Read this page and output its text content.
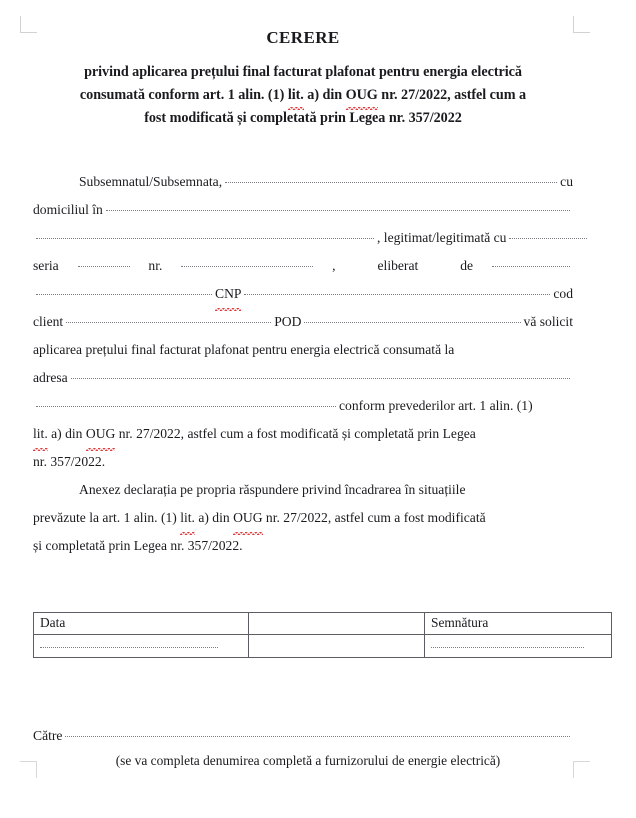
CERERE
privind aplicarea prețului final facturat plafonat pentru energia electrică
consumată conform art. 1 alin. (1) lit. a) din OUG nr. 27/2022, astfel cum a
fost modificată și completată prin Legea nr. 357/2022
Subsemnatul/Subsemnata,	cu
domiciliul în
, legitimat/legitimată cu
seria	nr.	,
	eliberat
	de
CNP	cod
client	POD	vă solicit
aplicarea prețului final facturat plafonat pentru energia electrică consumată la
adresa
conform prevederilor art. 1 alin. (1)
lit. a) din OUG nr. 27/2022, astfel cum a fost modificată și completată prin Legea
nr. 357/2022.
Anexez declarația pe propria răspundere privind încadrarea în situațiile
prevăzute la art. 1 alin. (1) lit. a) din OUG nr. 27/2022, astfel cum a fost modificată
și completată prin Legea nr. 357/2022.
Data		Semnătura

Către
(se va completa denumirea completă a furnizorului de energie electrică)
